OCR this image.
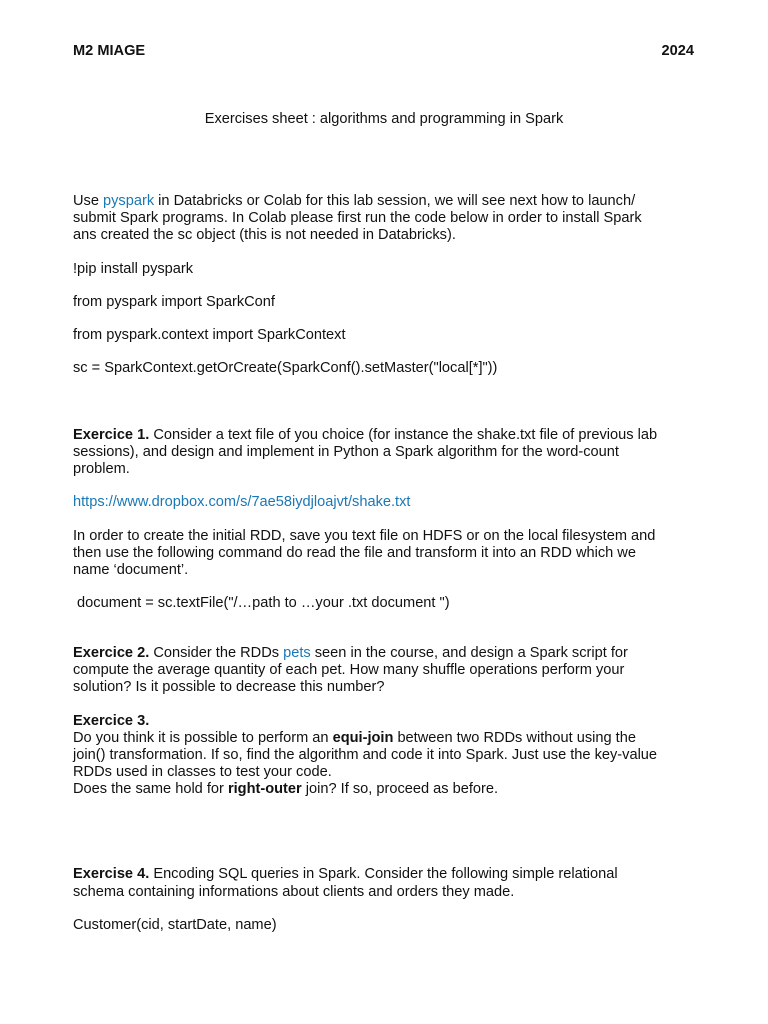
M2 MIAGE	2024
Exercises sheet : algorithms and programming in Spark

Use pyspark in Databricks or Colab for this lab session, we will see next how to launch/
submit Spark programs. In Colab please first run the code below in order to install Spark
ans created the sc object (this is not needed in Databricks).

!pip install pyspark

from pyspark import SparkConf

from pyspark.context import SparkContext

sc = SparkContext.getOrCreate(SparkConf().setMaster("local[*]"))

Exercice 1. Consider a text file of you choice (for instance the shake.txt file of previous lab
sessions), and design and implement in Python a Spark algorithm for the word-count
problem.

https://www.dropbox.com/s/7ae58iydjloajvt/shake.txt

In order to create the initial RDD, save you text file on HDFS or on the local filesystem and
then use the following command do read the file and transform it into an RDD which we
name ‘document’.

document = sc.textFile("/…path to …your .txt document ")

Exercice 2. Consider the RDDs pets seen in the course, and design a Spark script for
compute the average quantity of each pet. How many shuffle operations perform your
solution? Is it possible to decrease this number?

Exercice 3.
Do you think it is possible to perform an equi-join between two RDDs without using the
join() transformation. If so, find the algorithm and code it into Spark. Just use the key-value
RDDs used in classes to test your code.
Does the same hold for right-outer join? If so, proceed as before.

Exercise 4. Encoding SQL queries in Spark. Consider the following simple relational
schema containing informations about clients and orders they made.

Customer(cid, startDate, name)
